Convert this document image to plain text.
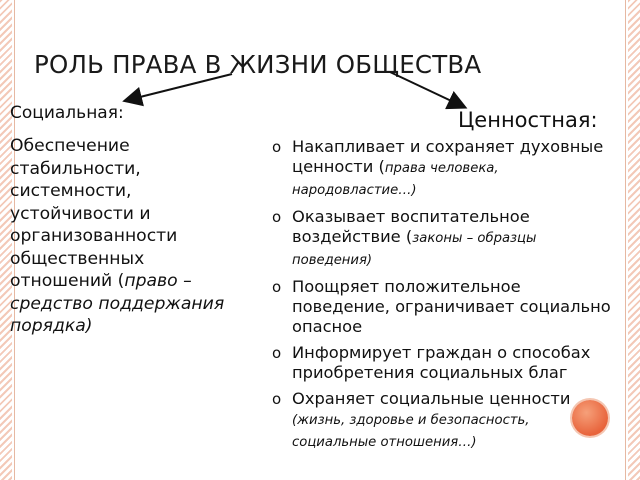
РОЛЬ ПРАВА В ЖИЗНИ ОБЩЕСТВА
Социальная:
Обеспечение стабильности, системности, устойчивости и организованности общественных отношений (право – средство поддержания порядка)
Ценностная:
o Накапливает и сохраняет духовные ценности (права человека, народовластие…)
o Оказывает воспитательное воздействие (законы – образцы поведения)
o Поощряет положительное поведение, ограничивает социально опасное
o Информирует граждан о способах приобретения социальных благ
o Охраняет социальные ценности (жизнь, здоровье и безопасность, социальные отношения…)
